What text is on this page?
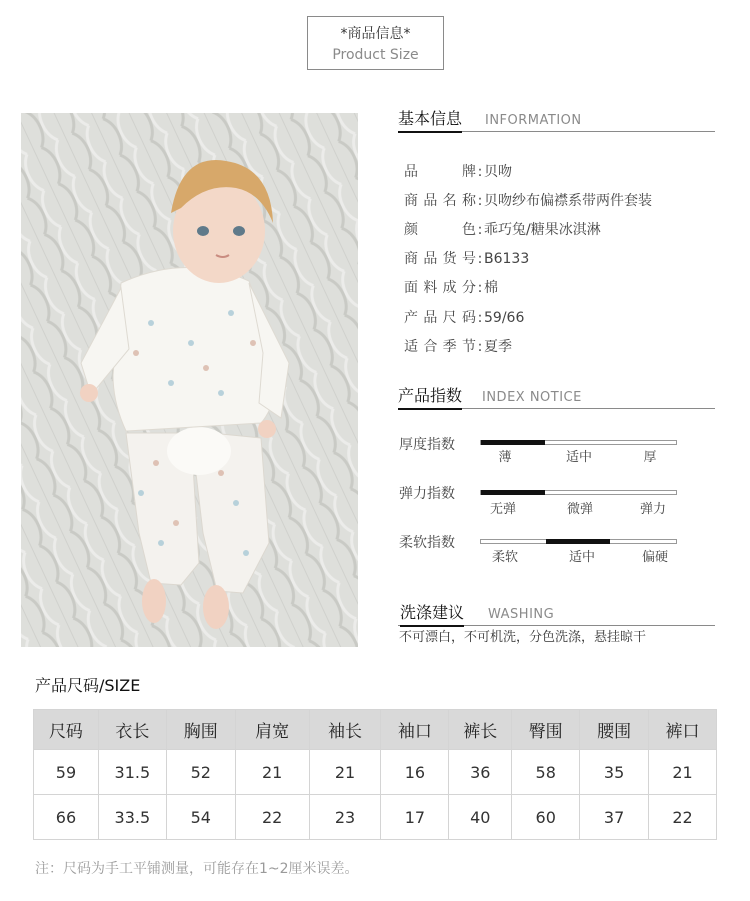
*商品信息*
Product Size
基本信息 INFORMATION
品牌 : 贝吻
商品名称 : 贝吻纱布偏襟系带两件套装
颜色 : 乖巧兔/糖果冰淇淋
商品货号 : B6133
面料成分 : 棉
产品尺码 : 59/66
适合季节 : 夏季
产品指数 INDEX NOTICE
厚度指数
薄	适中	厚
弹力指数
无弹	微弹	弹力
柔软指数
柔软	适中	偏硬
洗涤建议 WASHING
不可漂白，不可机洗，分色洗涤，悬挂晾干
产品尺码/SIZE
尺码	衣长	胸围	肩宽	袖长	袖口	裤长	臀围	腰围	裤口
59	31.5	52	21	21	16	36	58	35	21
66	33.5	54	22	23	17	40	60	37	22
注：尺码为手工平铺测量，可能存在1~2厘米误差。
